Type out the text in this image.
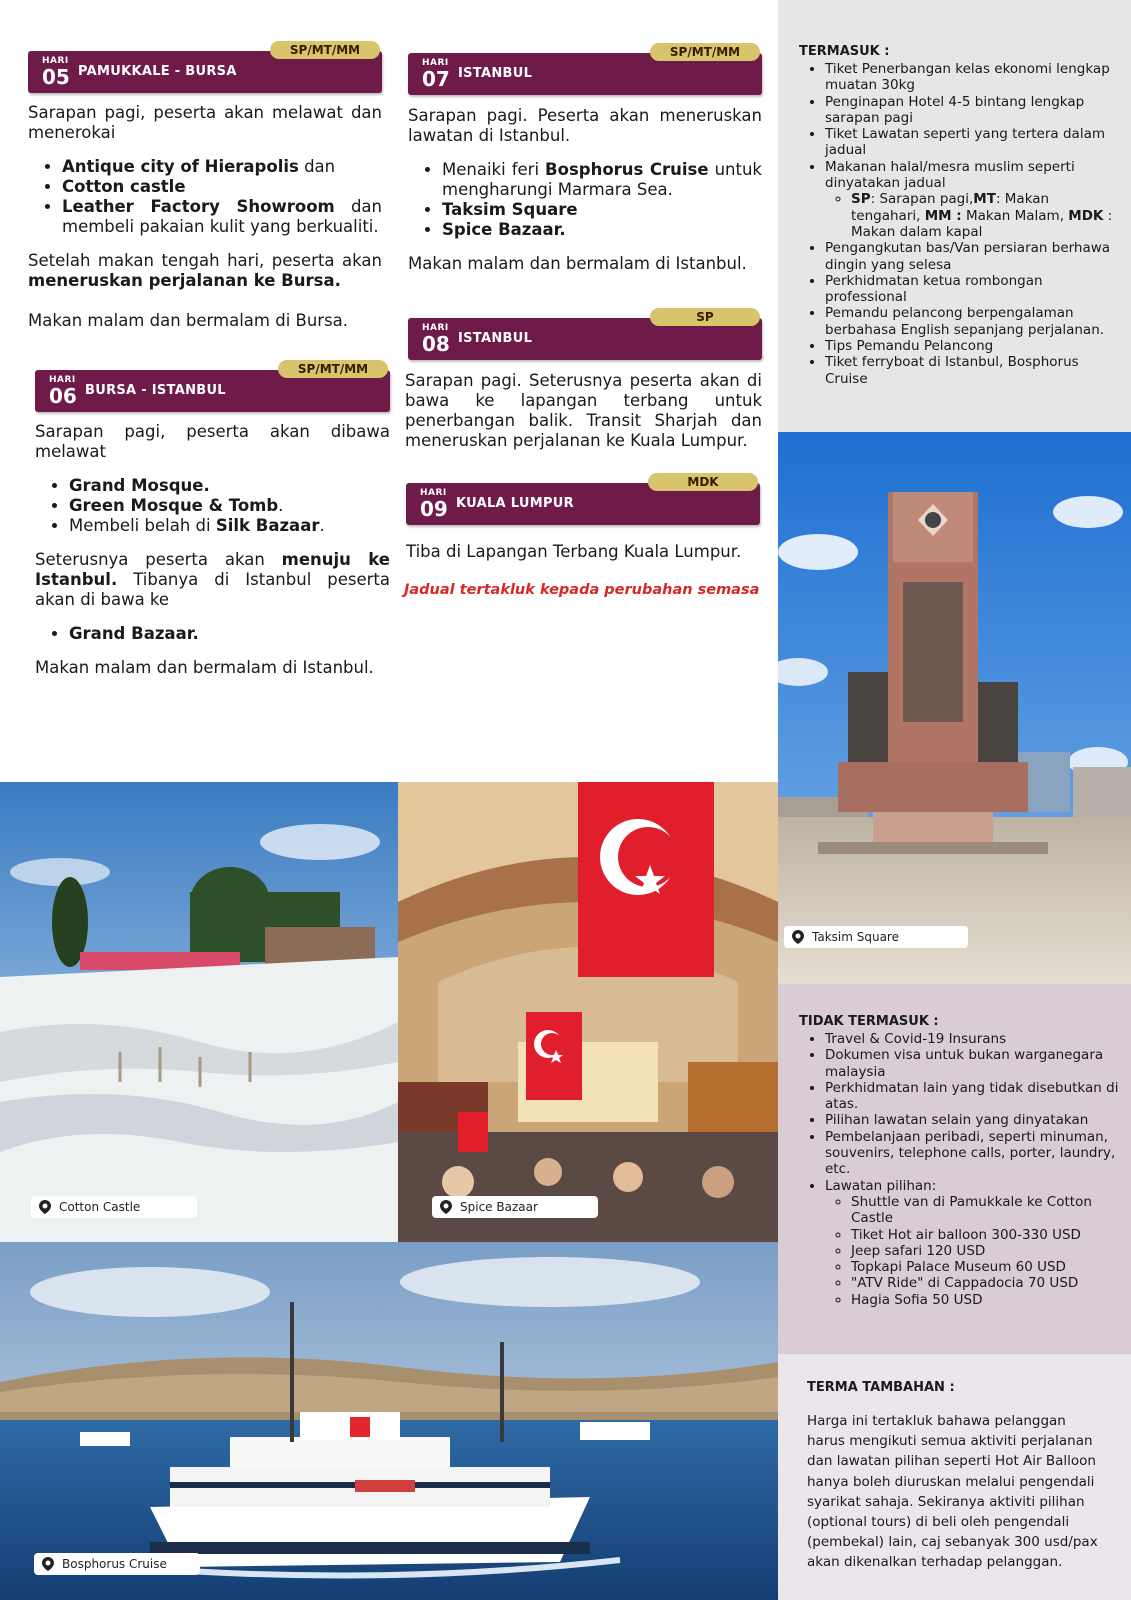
HARI
05 PAMUKKALE - BURSA
SP/MT/MM

Sarapan pagi, peserta akan melawat dan menerokai

• Antique city of Hierapolis dan
• Cotton castle
• Leather Factory Showroom dan membeli pakaian kulit yang berkualiti.

Setelah makan tengah hari, peserta akan meneruskan perjalanan ke Bursa.

Makan malam dan bermalam di Bursa.

HARI
06 BURSA - ISTANBUL
SP/MT/MM

Sarapan pagi, peserta akan dibawa melawat

• Grand Mosque.
• Green Mosque & Tomb.
• Membeli belah di Silk Bazaar.

Seterusnya peserta akan menuju ke Istanbul. Tibanya di Istanbul peserta akan di bawa ke

• Grand Bazaar.

Makan malam dan bermalam di Istanbul.

HARI
07 ISTANBUL
SP/MT/MM

Sarapan pagi. Peserta akan meneruskan lawatan di Istanbul.

• Menaiki feri Bosphorus Cruise untuk mengharungi Marmara Sea.
• Taksim Square
• Spice Bazaar.

Makan malam dan bermalam di Istanbul.

HARI
08 ISTANBUL
SP

Sarapan pagi. Seterusnya peserta akan di bawa ke lapangan terbang untuk penerbangan balik. Transit Sharjah dan meneruskan perjalanan ke Kuala Lumpur.

HARI
09 KUALA LUMPUR
MDK

Tiba di Lapangan Terbang Kuala Lumpur.

Jadual tertakluk kepada perubahan semasa
TERMASUK :
• Tiket Penerbangan kelas ekonomi lengkap muatan 30kg
• Penginapan Hotel 4-5 bintang lengkap sarapan pagi
• Tiket Lawatan seperti yang tertera dalam jadual
• Makanan halal/mesra muslim seperti dinyatakan jadual
◦ SP: Sarapan pagi,MT: Makan tengahari, MM : Makan Malam, MDK : Makan dalam kapal
• Pengangkutan bas/Van persiaran berhawa dingin yang selesa
• Perkhidmatan ketua rombongan professional
• Pemandu pelancong berpengalaman berbahasa English sepanjang perjalanan.
• Tips Pemandu Pelancong
• Tiket ferryboat di Istanbul, Bosphorus Cruise
Taksim Square
TIDAK TERMASUK :
• Travel & Covid-19 Insurans
• Dokumen visa untuk bukan warganegara malaysia
• Perkhidmatan lain yang tidak disebutkan di atas.
• Pilihan lawatan selain yang dinyatakan
• Pembelanjaan peribadi, seperti minuman, souvenirs, telephone calls, porter, laundry, etc.
• Lawatan pilihan:
◦ Shuttle van di Pamukkale ke Cotton Castle
◦ Tiket Hot air balloon 300-330 USD
◦ Jeep safari 120 USD
◦ Topkapi Palace Museum 60 USD
◦ "ATV Ride" di Cappadocia 70 USD
◦ Hagia Sofia 50 USD
TERMA TAMBAHAN :

Harga ini tertakluk bahawa pelanggan harus mengikuti semua aktiviti perjalanan dan lawatan pilihan seperti Hot Air Balloon hanya boleh diuruskan melalui pengendali syarikat sahaja. Sekiranya aktiviti pilihan (optional tours) di beli oleh pengendali (pembekal) lain, caj sebanyak 300 usd/pax akan dikenalkan terhadap pelanggan.

Cotton Castle	Spice Bazaar
Bosphorus Cruise
